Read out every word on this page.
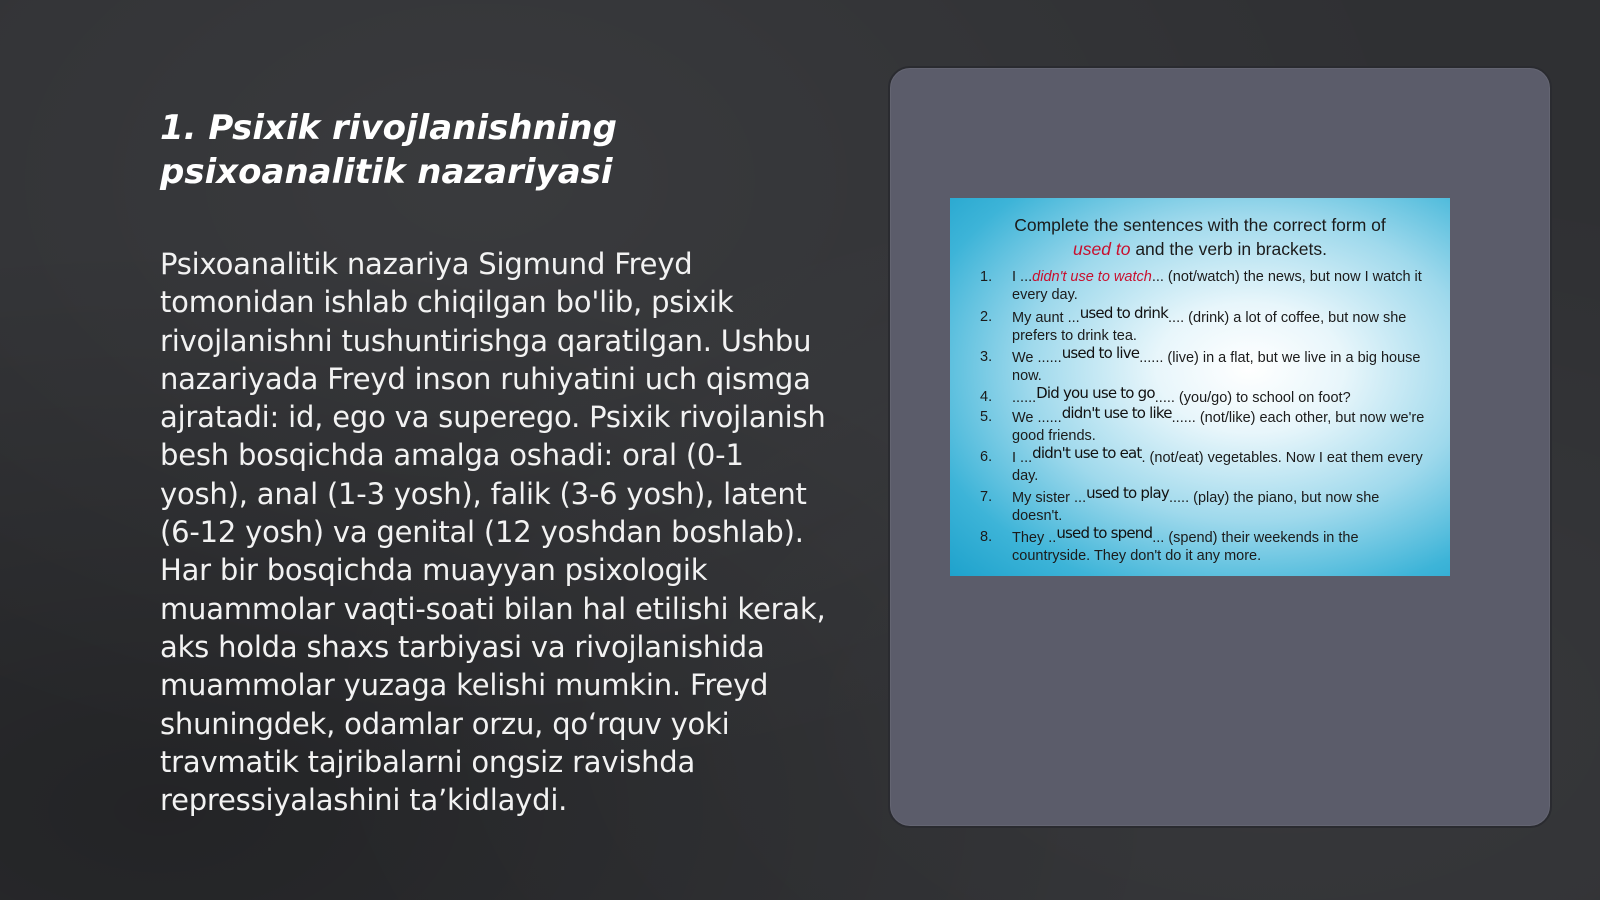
1. Psixik rivojlanishning psixoanalitik nazariyasi

Psixoanalitik nazariya Sigmund Freyd tomonidan ishlab chiqilgan bo'lib, psixik rivojlanishni tushuntirishga qaratilgan. Ushbu nazariyada Freyd inson ruhiyatini uch qismga ajratadi: id, ego va superego. Psixik rivojlanish besh bosqichda amalga oshadi: oral (0-1 yosh), anal (1-3 yosh), falik (3-6 yosh), latent (6-12 yosh) va genital (12 yoshdan boshlab). Har bir bosqichda muayyan psixologik muammolar vaqti-soati bilan hal etilishi kerak, aks holda shaxs tarbiyasi va rivojlanishida muammolar yuzaga kelishi mumkin. Freyd shuningdek, odamlar orzu, qo‘rquv yoki travmatik tajribalarni ongsiz ravishda repressiyalashini ta’kidlaydi.

Complete the sentences with the correct form of
used to and the verb in brackets.
1.	I ...didn't use to watch... (not/watch) the news, but now I watch it every day.
2.	My aunt ...used to drink.... (drink) a lot of coffee, but now she prefers to drink tea.
3.	We ......used to live...... (live) in a flat, but we live in a big house now.
4.	......Did you use to go..... (you/go) to school on foot?
5.	We ......didn't use to like...... (not/like) each other, but now we're good friends.
6.	I ...didn't use to eat. (not/eat) vegetables. Now I eat them every day.
7.	My sister ...used to play..... (play) the piano, but now she doesn't.
8.	They ..used to spend... (spend) their weekends in the countryside. They don't do it any more.
